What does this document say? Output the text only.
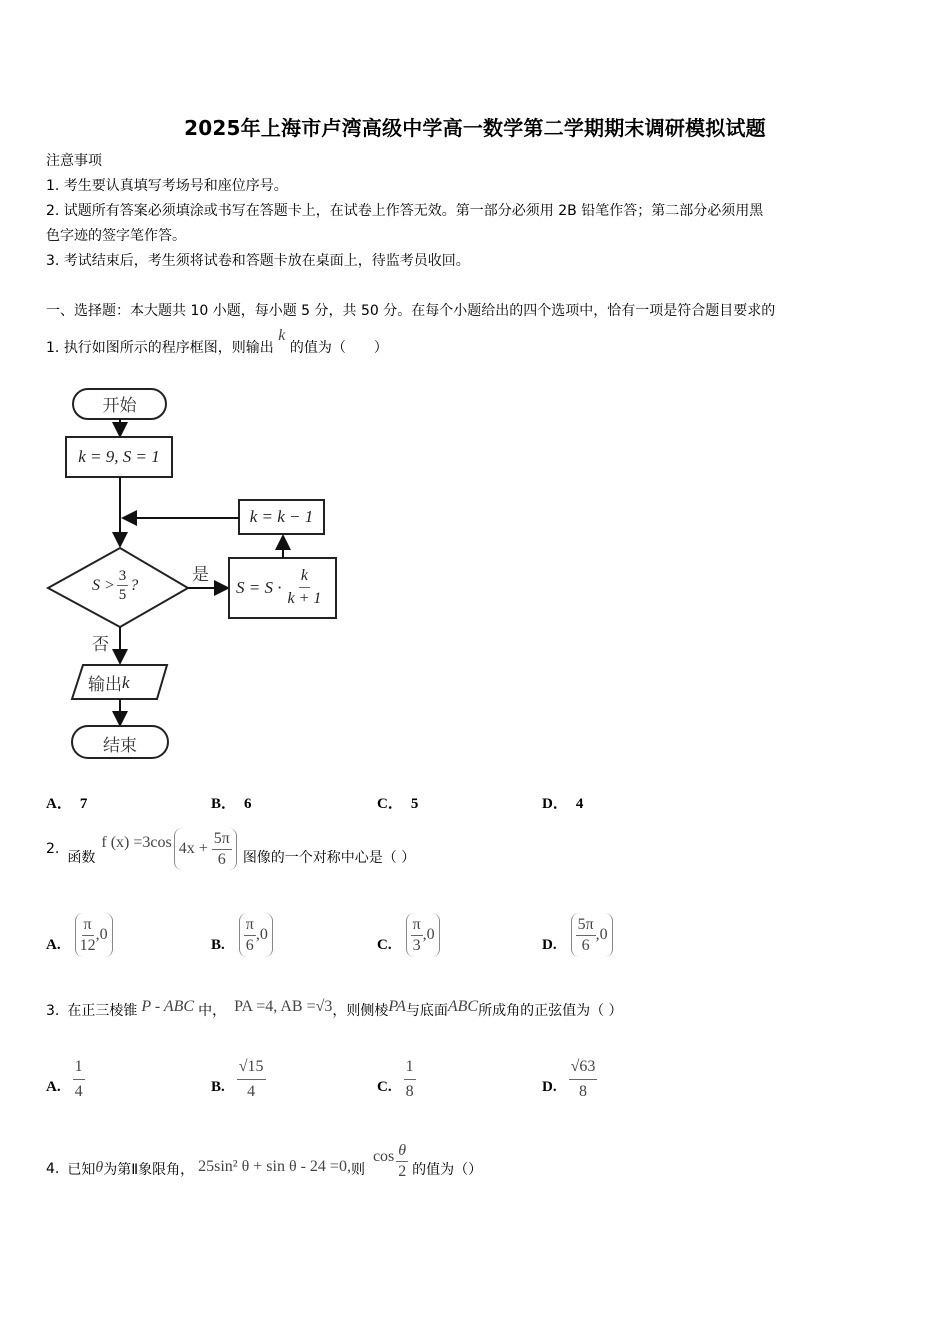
2025年上海市卢湾高级中学高一数学第二学期期末调研模拟试题
注意事项
1. 考生要认真填写考场号和座位序号。
2. 试题所有答案必须填涂或书写在答题卡上，在试卷上作答无效。第一部分必须用 2B 铅笔作答；第二部分必须用黑
色字迹的签字笔作答。
3. 考试结束后，考生须将试卷和答题卡放在桌面上，待监考员收回。
一、选择题：本大题共 10 小题，每小题 5 分，共 50 分。在每个小题给出的四个选项中，恰有一项是符合题目要求的
1. 执行如图所示的程序框图，则输出 k 的值为（　　）
开始
k = 9, S = 1
k = k − 1
$S > \frac{3}{5}$ ?	是
否
$S = S \cdot \frac{k}{k + 1}$
输出 k
结束
A． 7	B． 6	C． 5	D． 4
2.
函数
f (x) =3cos $4x + \frac{5\pi}{6}$ 图像的一个对称中心是（ ）
A. $\frac{\pi}{12} ,0$
B. $\frac{\pi}{6} ,0$
C. $\frac{\pi}{3} ,0$
D. $\frac{5\pi}{6} ,0$
3. 在正三棱锥 P - ABC 中， PA =4, AB =√3 ，则侧棱 PA 与底面 ABC 所成角的正弦值为（ ）
A. $\frac{1}{4}$	B. $\frac{√15}{4}$	C. $\frac{1}{8}$	D. $\frac{√63}{8}$
4. 已知 θ 为第Ⅱ象限角， 25sin² θ + sin θ - 24 =0, 则
$\cos \frac{\theta}{2}$ 的值为（）
